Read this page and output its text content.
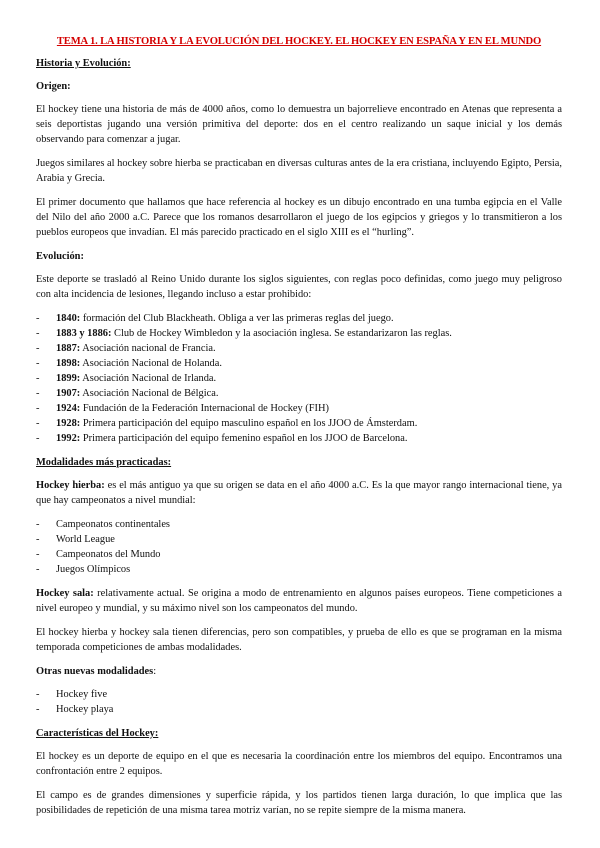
TEMA 1. LA HISTORIA Y LA EVOLUCIÓN DEL HOCKEY. EL HOCKEY EN ESPAÑA Y EN EL MUNDO
Historia y Evolución:
Origen:

El hockey tiene una historia de más de 4000 años, como lo demuestra un bajorrelieve encontrado en Atenas que representa a seis deportistas jugando una versión primitiva del deporte: dos en el centro realizando un saque inicial y los demás observando para comenzar a jugar.

Juegos similares al hockey sobre hierba se practicaban en diversas culturas antes de la era cristiana, incluyendo Egipto, Persia, Arabia y Grecia.

El primer documento que hallamos que hace referencia al hockey es un dibujo encontrado en una tumba egipcia en el Valle del Nilo del año 2000 a.C. Parece que los romanos desarrollaron el juego de los egipcios y griegos y lo transmitieron a los pueblos europeos que invadían. El más parecido practicado en el siglo XIII es el “hurling”.

Evolución:

Este deporte se trasladó al Reino Unido durante los siglos siguientes, con reglas poco definidas, como juego muy peligroso con alta incidencia de lesiones, llegando incluso a estar prohibido:

- 1840: formación del Club Blackheath. Obliga a ver las primeras reglas del juego.
- 1883 y 1886: Club de Hockey Wimbledon y la asociación inglesa. Se estandarizaron las reglas.
- 1887: Asociación nacional de Francia.
- 1898: Asociación Nacional de Holanda.
- 1899: Asociación Nacional de Irlanda.
- 1907: Asociación Nacional de Bélgica.
- 1924: Fundación de la Federación Internacional de Hockey (FIH)
- 1928: Primera participación del equipo masculino español en los JJOO de Ámsterdam.
- 1992: Primera participación del equipo femenino español en los JJOO de Barcelona.
Modalidades más practicadas:

Hockey hierba: es el más antiguo ya que su origen se data en el año 4000 a.C. Es la que mayor rango internacional tiene, ya que hay campeonatos a nivel mundial:

- Campeonatos continentales
- World League
- Campeonatos del Mundo
- Juegos Olímpicos

Hockey sala: relativamente actual. Se origina a modo de entrenamiento en algunos países europeos. Tiene competiciones a nivel europeo y mundial, y su máximo nivel son los campeonatos del mundo.

El hockey hierba y hockey sala tienen diferencias, pero son compatibles, y prueba de ello es que se programan en la misma temporada competiciones de ambas modalidades.

Otras nuevas modalidades:
- Hockey five
- Hockey playa
Características del Hockey:

El hockey es un deporte de equipo en el que es necesaria la coordinación entre los miembros del equipo. Encontramos una confrontación entre 2 equipos.

El campo es de grandes dimensiones y superficie rápida, y los partidos tienen larga duración, lo que implica que las posibilidades de repetición de una misma tarea motriz varían, no se repite siempre de la misma manera.
